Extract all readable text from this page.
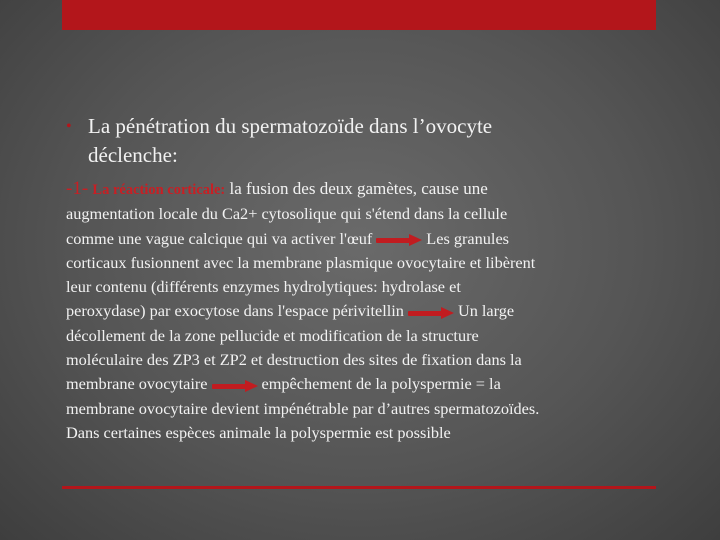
• La pénétration du spermatozoïde dans l’ovocyte
déclenche:
-1- La réaction corticale: la fusion des deux gamètes, cause une
augmentation locale du Ca2+ cytosolique qui s'étend dans la cellule
comme une vague calcique qui va activer l'œuf	Les granules
corticaux fusionnent avec la membrane plasmique ovocytaire et libèrent
leur contenu (différents enzymes hydrolytiques: hydrolase et
peroxydase) par exocytose dans l'espace périvitellin	Un large
décollement de la zone pellucide et modification de la structure
moléculaire des ZP3 et ZP2 et destruction des sites de fixation dans la
membrane ovocytaire	empêchement de la polyspermie = la
membrane ovocytaire devient impénétrable par d’autres spermatozoïdes.
Dans certaines espèces animale la polyspermie est possible
